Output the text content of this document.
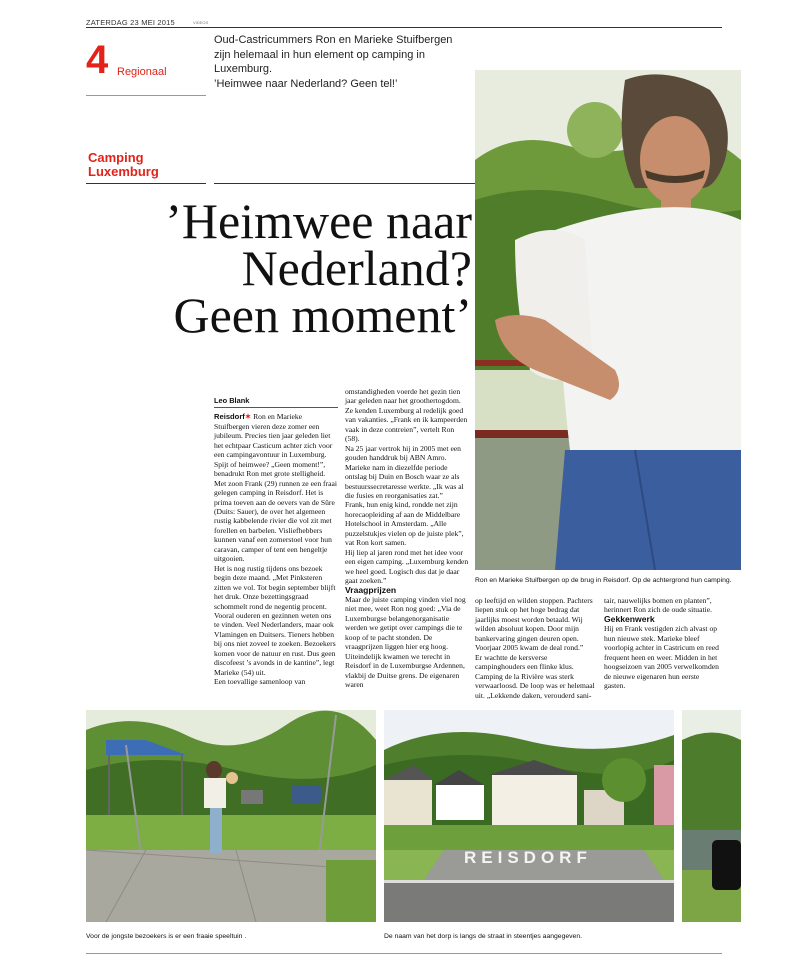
ZATERDAG 23 MEI 2015	VIDEOS
4 Regionaal
Oud-Castricummers Ron en Marieke Stuifbergen zijn helemaal in hun element op camping in Luxemburg.
’Heimwee naar Nederland? Geen tel!’
Camping
Luxemburg
’Heimwee naar
Nederland?
Geen moment’
Ron en Marieke Stuifbergen op de brug in Reisdorf. Op de achtergrond hun camping.

Leo Blank

Reisdorf✶ Ron en Marieke Stuifbergen vieren deze zomer een jubileum. Precies tien jaar geleden liet het echtpaar Casticum achter zich voor een campingavontuur in Luxemburg. Spijt of heimwee? „Geen moment!”, benadrukt Ron met grote stelligheid.
Met zoon Frank (29) runnen ze een fraai gelegen camping in Reisdorf. Het is prima toeven aan de oevers van de Sûre (Duits: Sauer), de over het algemeen rustig kabbelende rivier die vol zit met forellen en barbelen. Visliefhebbers kunnen vanaf een zomerstoel voor hun caravan, camper of tent een hengeltje uitgooien.
Het is nog rustig tijdens ons bezoek begin deze maand. „Met Pinksteren zitten we vol. Tot begin september blijft het druk. Onze bezettingsgraad schommelt rond de negentig procent. Vooral ouderen en gezinnen weten ons te vinden. Veel Nederlanders, maar ook Vlamingen en Duitsers. Tieners hebben bij ons niet zoveel te zoeken. Bezoekers komen voor de natuur en rust. Dus geen discofeest ’s avonds in de kantine”, legt Marieke (54) uit.
Een toevallige samenloop van

omstandigheden voerde het gezin tien jaar geleden naar het groothertogdom. Ze kenden Luxemburg al redelijk goed van vakanties. „Frank en ik kampeerden vaak in deze contreien”, vertelt Ron (58).
Na 25 jaar vertrok hij in 2005 met een gouden handdruk bij ABN Amro. Marieke nam in diezelfde periode ontslag bij Duin en Bosch waar ze als bestuurssecretaresse werkte. „Ik was al die fusies en reorganisaties zat.”
Frank, hun enig kind, rondde net zijn horecaopleiding af aan de Middelbare Hotelschool in Amsterdam. „Alle puzzelstukjes vielen op de juiste plek”, vat Ron kort samen.
Hij liep al jaren rond met het idee voor een eigen camping. „Luxemburg kenden we heel goed. Logisch dus dat je daar gaat zoeken.”

Vraagprijzen

Maar de juiste camping vinden viel nog niet mee, weet Ron nog goed: „Via de Luxemburgse belangenorganisatie werden we getipt over campings die te koop of te pacht stonden. De vraagprijzen liggen hier erg hoog. Uiteindelijk kwamen we terecht in Reisdorf in de Luxemburgse Ardennen, vlakbij de Duitse grens. De eigenaren waren

op leeftijd en wilden stoppen. Pachters liepen stuk op het hoge bedrag dat jaarlijks moest worden betaald. Wij wilden absoluut kopen. Door mijn bankervaring gingen deuren open. Voorjaar 2005 kwam de deal rond.”
Er wachtte de kersverse campinghouders een flinke klus. Camping de la Rivière was sterk verwaarloosd. De loop was er helemaal uit. „Lekkende daken, verouderd sani-

tair, nauwelijks bomen en planten”, herinnert Ron zich de oude situatie.

Gekkenwerk

Hij en Frank vestigden zich alvast op hun nieuwe stek. Marieke bleef voorlopig achter in Castricum en reed frequent heen en weer. Midden in het hoogseizoen van 2005 verwelkomden de nieuwe eigenaren hun eerste gasten.

Voor de jongste bezoekers is er een fraaie speeltuin .
REISDORF
De naam van het dorp is langs de straat in steentjes aangegeven.
